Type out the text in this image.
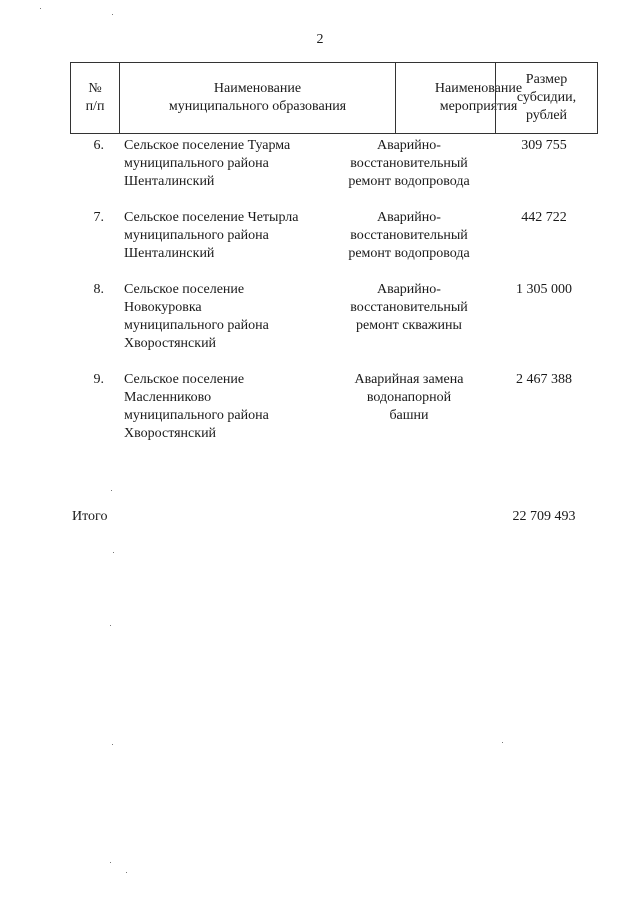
2
№
п/п
Наименование
муниципального образования
Наименование
мероприятия
Размер
субсидии,
рублей
6. Сельское поселение Туарма
муниципального района
Шенталинский
Аварийно-
восстановительный
ремонт водопровода
309 755
7. Сельское поселение Четырла
муниципального района
Шенталинский
Аварийно-
восстановительный
ремонт водопровода
442 722
8. Сельское поселение
Новокуровка
муниципального района
Хворостянский
Аварийно-
восстановительный
ремонт скважины
1 305 000
9. Сельское поселение
Масленниково
муниципального района
Хворостянский
Аварийная замена
водонапорной
башни
2 467 388
Итого	22 709 493
